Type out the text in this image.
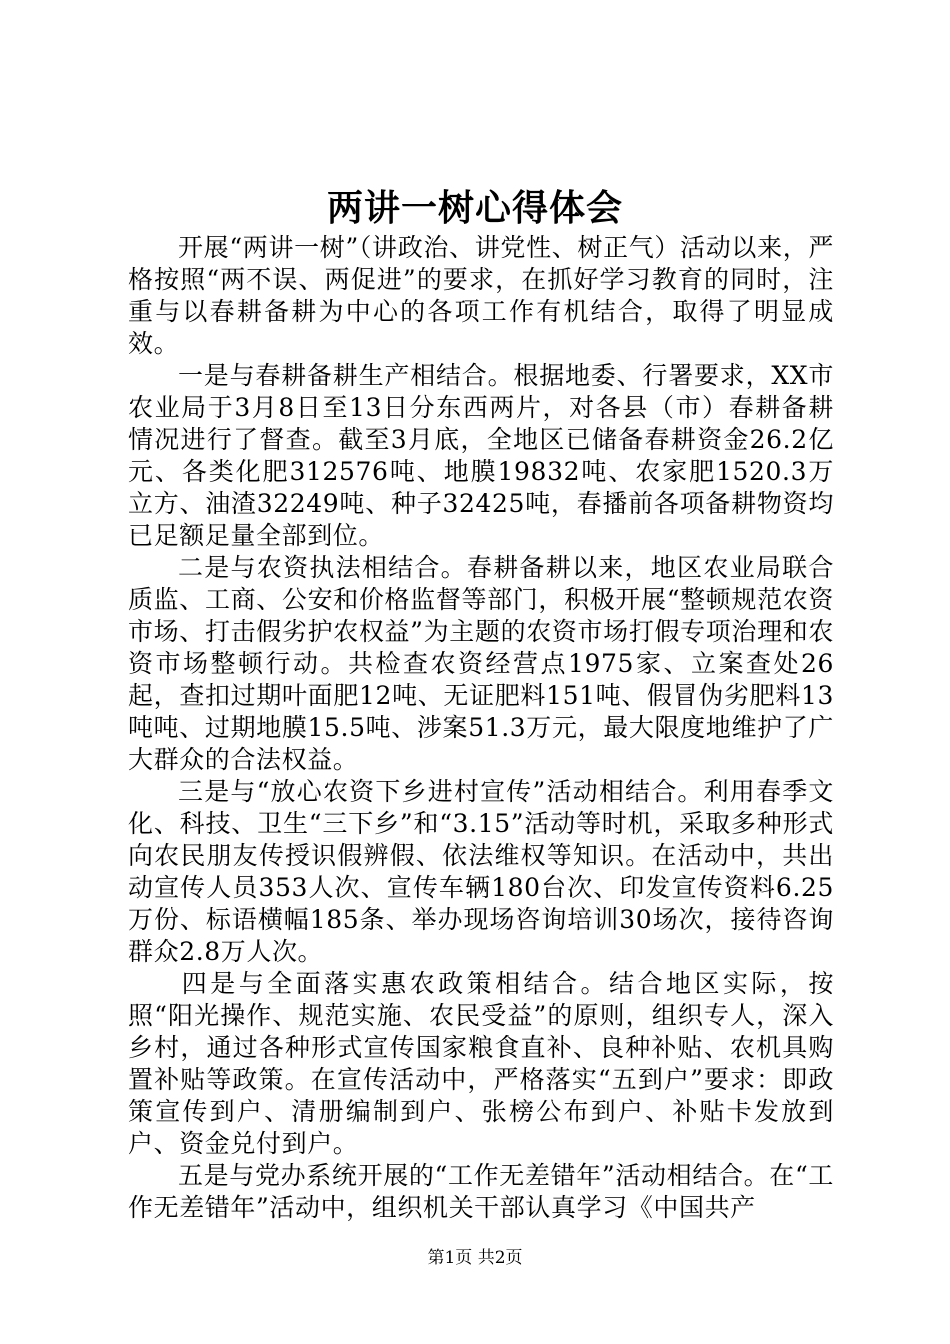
两讲一树心得体会

开展“两讲一树”（讲政治、讲党性、树正气）活动以来，严格按照“两不误、两促进”的要求，在抓好学习教育的同时，注重与以春耕备耕为中心的各项工作有机结合，取得了明显成效。

一是与春耕备耕生产相结合。根据地委、行署要求，XX市农业局于3月8日至13日分东西两片，对各县（市）春耕备耕情况进行了督查。截至3月底，全地区已储备春耕资金26.2亿元、各类化肥312576吨、地膜19832吨、农家肥1520.3万立方、油渣32249吨、种子32425吨，春播前各项备耕物资均已足额足量全部到位。

二是与农资执法相结合。春耕备耕以来，地区农业局联合质监、工商、公安和价格监督等部门，积极开展“整顿规范农资市场、打击假劣护农权益”为主题的农资市场打假专项治理和农资市场整顿行动。共检查农资经营点1975家、立案查处26起，查扣过期叶面肥12吨、无证肥料151吨、假冒伪劣肥料13吨吨、过期地膜15.5吨、涉案51.3万元，最大限度地维护了广大群众的合法权益。

三是与“放心农资下乡进村宣传”活动相结合。利用春季文化、科技、卫生“三下乡”和“3.15”活动等时机，采取多种形式向农民朋友传授识假辨假、依法维权等知识。在活动中，共出动宣传人员353人次、宣传车辆180台次、印发宣传资料6.25万份、标语横幅185条、举办现场咨询培训30场次，接待咨询群众2.8万人次。

四是与全面落实惠农政策相结合。结合地区实际，按照“阳光操作、规范实施、农民受益”的原则，组织专人，深入乡村，通过各种形式宣传国家粮食直补、良种补贴、农机具购置补贴等政策。在宣传活动中，严格落实“五到户”要求：即政策宣传到户、清册编制到户、张榜公布到户、补贴卡发放到户、资金兑付到户。

五是与党办系统开展的“工作无差错年”活动相结合。在“工作无差错年”活动中，组织机关干部认真学习《中国共产

第1页 共2页
